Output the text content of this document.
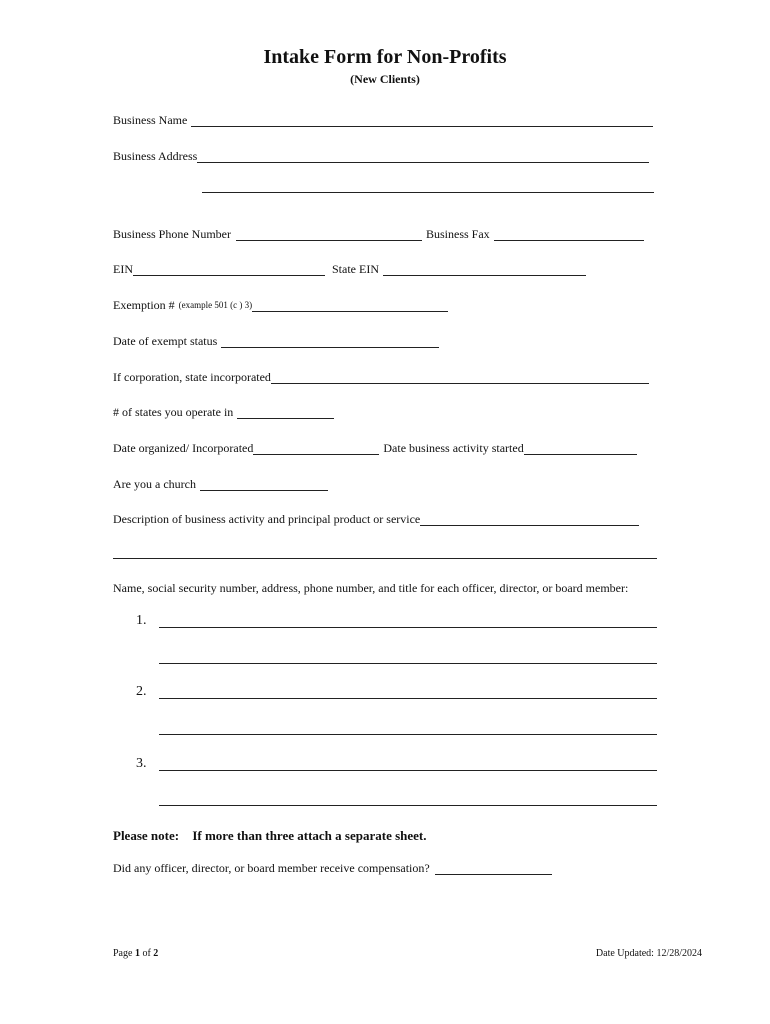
Intake Form for Non-Profits
(New Clients)
Business Name
Business Address
Business Phone Number	Business Fax
EIN	State EIN
Exemption # (example 501 (c ) 3)
Date of exempt status
If corporation, state incorporated
# of states you operate in
Date organized/ Incorporated	Date business activity started
Are you a church
Description of business activity and principal product or service
Name, social security number, address, phone number, and title for each officer, director, or board member:
1.
2.
3.
Please note: If more than three attach a separate sheet.
Did any officer, director, or board member receive compensation?
Page 1 of 2	Date Updated: 12/28/2024
